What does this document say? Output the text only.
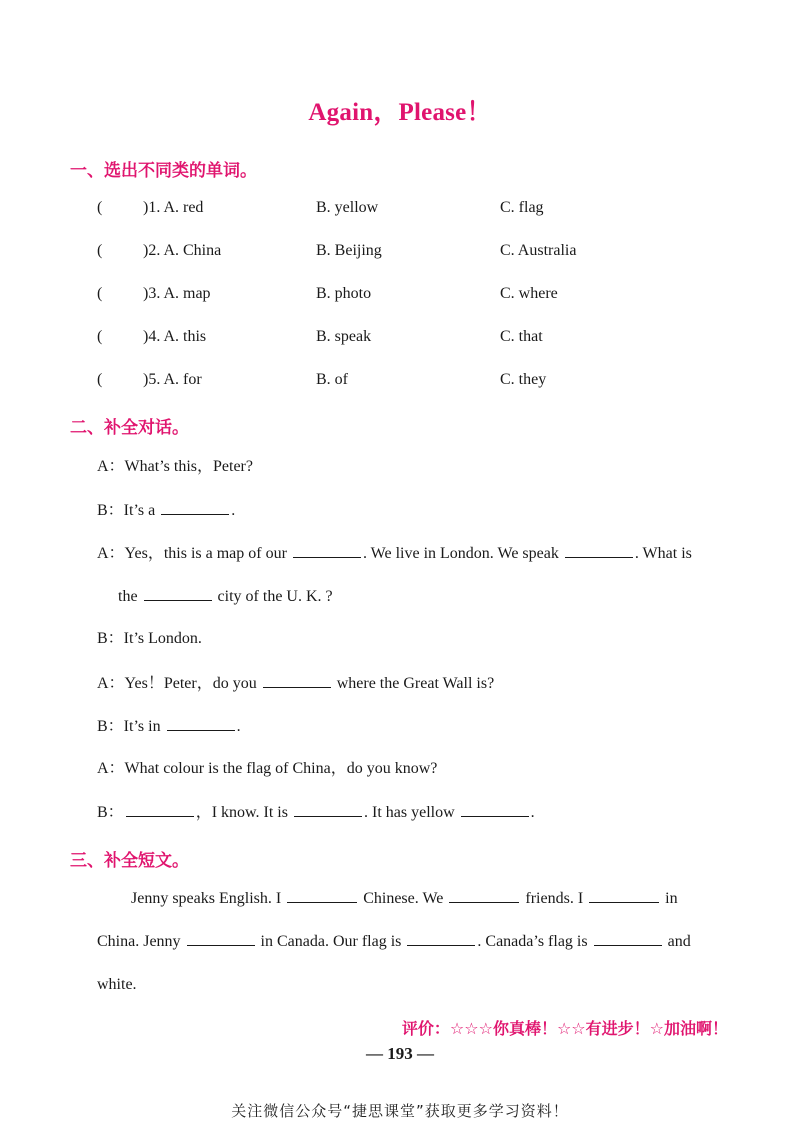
Again，Please！
一、选出不同类的单词。
(	)1. A. red	B. yellow	C. flag
(	)2. A. China	B. Beijing	C. Australia
(	)3. A. map	B. photo	C. where
(	)4. A. this	B. speak	C. that
(	)5. A. for	B. of	C. they
二、补全对话。
A：What’s this，Peter?
B：It’s a	.
A：Yes，this is a map of our	. We live in London. We speak	. What is
the	city of the U. K. ?
B：It’s London.
A：Yes！Peter，do you	where the Great Wall is?
B：It’s in	.
A：What colour is the flag of China，do you know?
B：	，I know. It is	. It has yellow	.
三、补全短文。
Jenny speaks English. I	Chinese. We	friends. I	in
China. Jenny	in Canada. Our flag is	. Canada’s flag is	and
white.
评价：☆☆☆你真棒！☆☆有进步！☆加油啊！
— 193 —
关注微信公众号“捷思课堂”获取更多学习资料！
